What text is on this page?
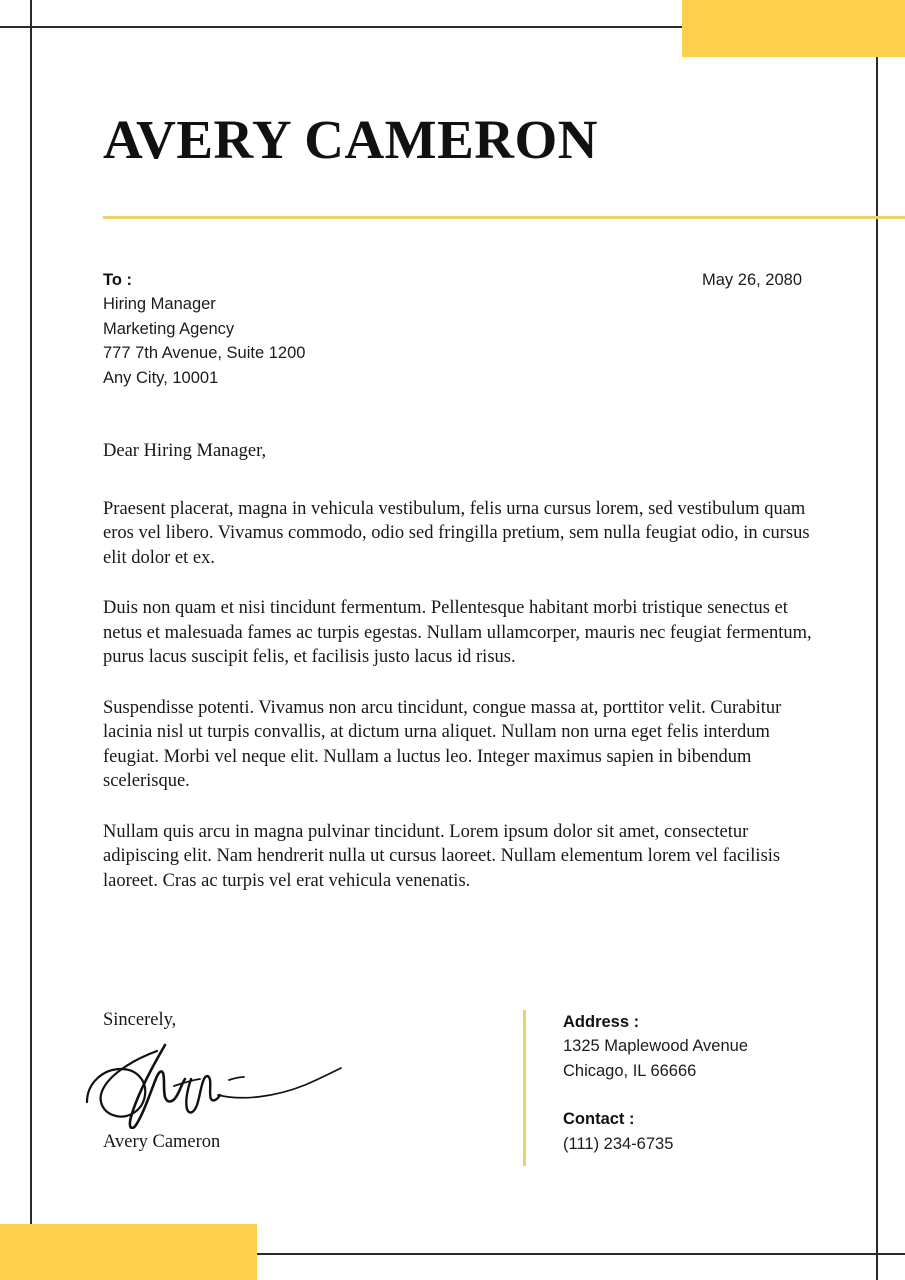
AVERY CAMERON
To :
Hiring Manager
Marketing Agency
777 7th Avenue, Suite 1200
Any City, 10001
May 26, 2080

Dear Hiring Manager,

Praesent placerat, magna in vehicula vestibulum, felis urna cursus lorem, sed vestibulum quam eros vel libero. Vivamus commodo, odio sed fringilla pretium, sem nulla feugiat odio, in cursus elit dolor et ex.

Duis non quam et nisi tincidunt fermentum. Pellentesque habitant morbi tristique senectus et netus et malesuada fames ac turpis egestas. Nullam ullamcorper, mauris nec feugiat fermentum, purus lacus suscipit felis, et facilisis justo lacus id risus.

Suspendisse potenti. Vivamus non arcu tincidunt, congue massa at, porttitor velit. Curabitur lacinia nisl ut turpis convallis, at dictum urna aliquet. Nullam non urna eget felis interdum feugiat. Morbi vel neque elit. Nullam a luctus leo. Integer maximus sapien in bibendum scelerisque.

Nullam quis arcu in magna pulvinar tincidunt. Lorem ipsum dolor sit amet, consectetur adipiscing elit. Nam hendrerit nulla ut cursus laoreet. Nullam elementum lorem vel facilisis laoreet. Cras ac turpis vel erat vehicula venenatis.

Sincerely,
Avery Cameron

Address :

1325 Maplewood Avenue

Chicago, IL 66666

Contact :

(111) 234-6735
